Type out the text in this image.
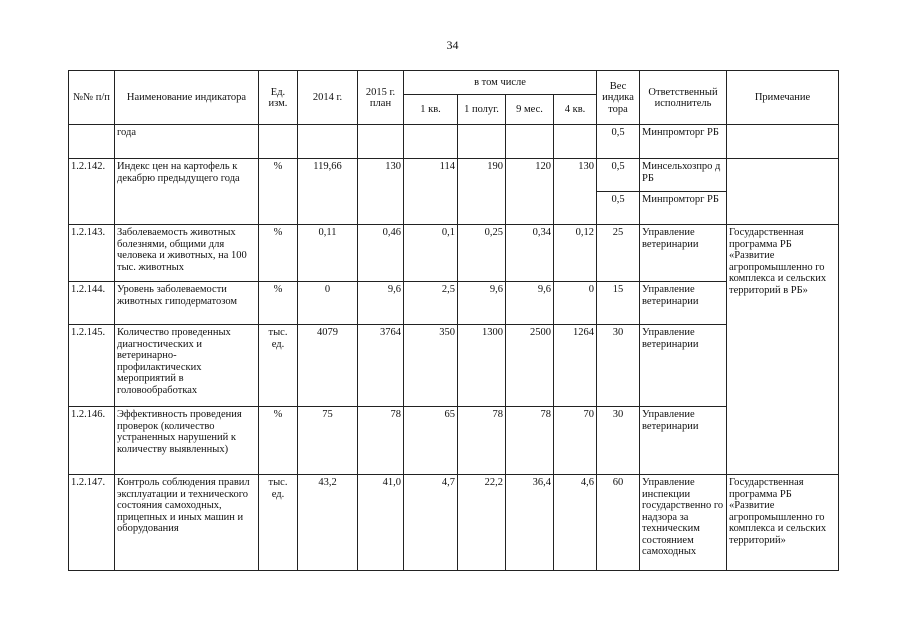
34
№№ п/п	Наименование индикатора	Ед. изм.	2014 г.	2015 г. план	в том числе				Вес индика тора	Ответственный исполнитель	Примечание
					1 кв.	1 полуг.	9 мес.	4 кв.			
	года								0,5	Минпромторг РБ	
1.2.142.	Индекс цен на картофель к декабрю предыдущего года	%	119,66	130	114	190	120	130	0,5	Минсельхозпро д РБ	
									0,5	Минпромторг РБ	
1.2.143.	Заболеваемость животных болезнями, общими для человека и животных, на 100 тыс. животных	%	0,11	0,46	0,1	0,25	0,34	0,12	25	Управление ветеринарии	Государственная программа РБ «Развитие агропромышленно го комплекса и сельских территорий в РБ»
1.2.144.	Уровень заболеваемости животных гиподерматозом	%	0	9,6	2,5	9,6	9,6	0	15	Управление ветеринарии	
1.2.145.	Количество проведенных диагностических и ветеринарно-профилактических мероприятий в головообработках	тыс. ед.	4079	3764	350	1300	2500	1264	30	Управление ветеринарии	
1.2.146.	Эффективность проведения проверок (количество устраненных нарушений к количеству выявленных)	%	75	78	65	78	78	70	30	Управление ветеринарии	
1.2.147.	Контроль соблюдения правил эксплуатации и технического состояния самоходных, прицепных и иных машин и оборудования	тыс. ед.	43,2	41,0	4,7	22,2	36,4	4,6	60	Управление инспекции государственно го надзора за техническим состоянием самоходных	Государственная программа РБ «Развитие агропромышленно го комплекса и сельских территорий»
